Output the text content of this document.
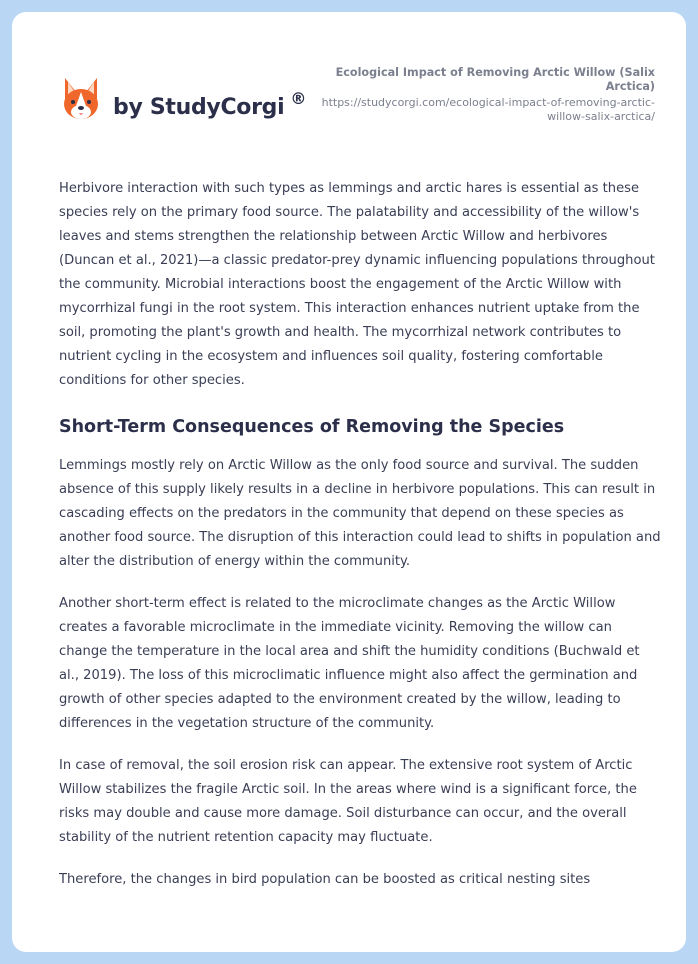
by StudyCorgi ®
Ecological Impact of Removing Arctic Willow (Salix Arctica)
https://studycorgi.com/ecological-impact-of-removing-arctic-willow-salix-arctica/

Herbivore interaction with such types as lemmings and arctic hares is essential as these species rely on the primary food source. The palatability and accessibility of the willow's leaves and stems strengthen the relationship between Arctic Willow and herbivores (Duncan et al., 2021)—a classic predator-prey dynamic influencing populations throughout the community. Microbial interactions boost the engagement of the Arctic Willow with mycorrhizal fungi in the root system. This interaction enhances nutrient uptake from the soil, promoting the plant's growth and health. The mycorrhizal network contributes to nutrient cycling in the ecosystem and influences soil quality, fostering comfortable conditions for other species.

Short-Term Consequences of Removing the Species

Lemmings mostly rely on Arctic Willow as the only food source and survival. The sudden absence of this supply likely results in a decline in herbivore populations. This can result in cascading effects on the predators in the community that depend on these species as another food source. The disruption of this interaction could lead to shifts in population and alter the distribution of energy within the community.

Another short-term effect is related to the microclimate changes as the Arctic Willow creates a favorable microclimate in the immediate vicinity. Removing the willow can change the temperature in the local area and shift the humidity conditions (Buchwald et al., 2019). The loss of this microclimatic influence might also affect the germination and growth of other species adapted to the environment created by the willow, leading to differences in the vegetation structure of the community.

In case of removal, the soil erosion risk can appear. The extensive root system of Arctic Willow stabilizes the fragile Arctic soil. In the areas where wind is a significant force, the risks may double and cause more damage. Soil disturbance can occur, and the overall stability of the nutrient retention capacity may fluctuate.

Therefore, the changes in bird population can be boosted as critical nesting sites
